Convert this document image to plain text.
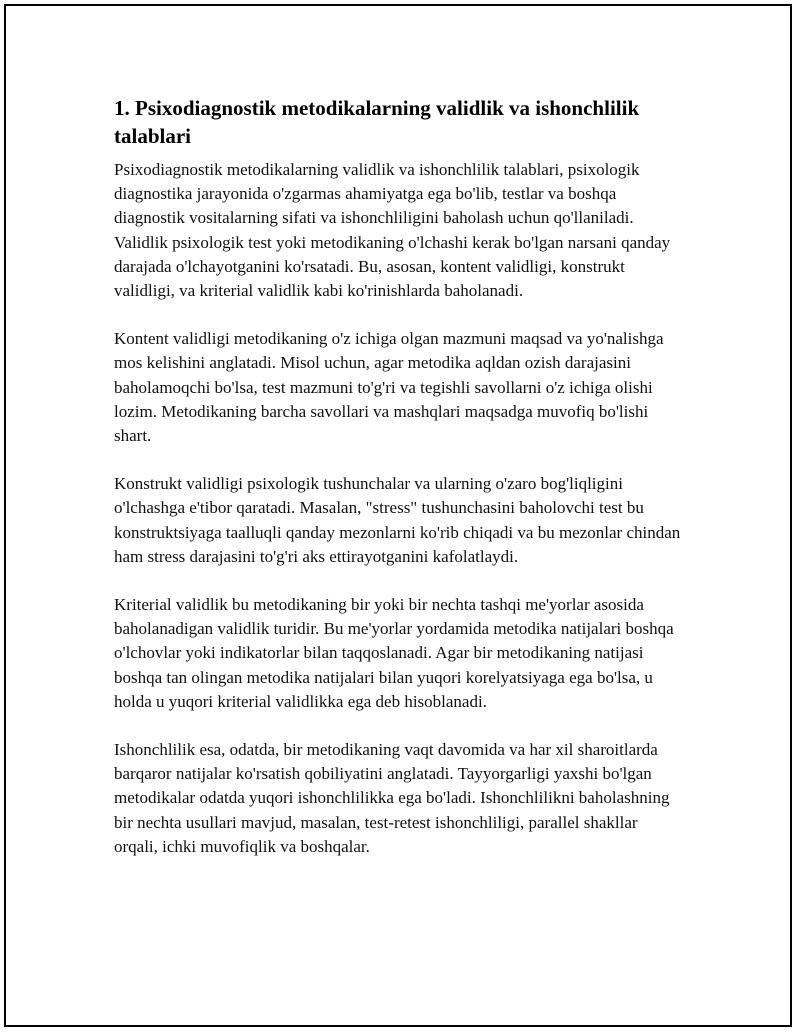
1. Psixodiagnostik metodikalarning validlik va ishonchlilik talablari

Psixodiagnostik metodikalarning validlik va ishonchlilik talablari, psixologik diagnostika jarayonida o'zgarmas ahamiyatga ega bo'lib, testlar va boshqa diagnostik vositalarning sifati va ishonchliligini baholash uchun qo'llaniladi. Validlik psixologik test yoki metodikaning o'lchashi kerak bo'lgan narsani qanday darajada o'lchayotganini ko'rsatadi. Bu, asosan, kontent validligi, konstrukt validligi, va kriterial validlik kabi ko'rinishlarda baholanadi.

Kontent validligi metodikaning o'z ichiga olgan mazmuni maqsad va yo'nalishga mos kelishini anglatadi. Misol uchun, agar metodika aqldan ozish darajasini baholamoqchi bo'lsa, test mazmuni to'g'ri va tegishli savollarni o'z ichiga olishi lozim. Metodikaning barcha savollari va mashqlari maqsadga muvofiq bo'lishi shart.

Konstrukt validligi psixologik tushunchalar va ularning o'zaro bog'liqligini o'lchashga e'tibor qaratadi. Masalan, "stress" tushunchasini baholovchi test bu konstruktsiyaga taalluqli qanday mezonlarni ko'rib chiqadi va bu mezonlar chindan ham stress darajasini to'g'ri aks ettirayotganini kafolatlaydi.

Kriterial validlik bu metodikaning bir yoki bir nechta tashqi me'yorlar asosida baholanadigan validlik turidir. Bu me'yorlar yordamida metodika natijalari boshqa o'lchovlar yoki indikatorlar bilan taqqoslanadi. Agar bir metodikaning natijasi boshqa tan olingan metodika natijalari bilan yuqori korelyatsiyaga ega bo'lsa, u holda u yuqori kriterial validlikka ega deb hisoblanadi.

Ishonchlilik esa, odatda, bir metodikaning vaqt davomida va har xil sharoitlarda barqaror natijalar ko'rsatish qobiliyatini anglatadi. Tayyorgarligi yaxshi bo'lgan metodikalar odatda yuqori ishonchlilikka ega bo'ladi. Ishonchlilikni baholashning bir nechta usullari mavjud, masalan, test-retest ishonchliligi, parallel shakllar orqali, ichki muvofiqlik va boshqalar.
